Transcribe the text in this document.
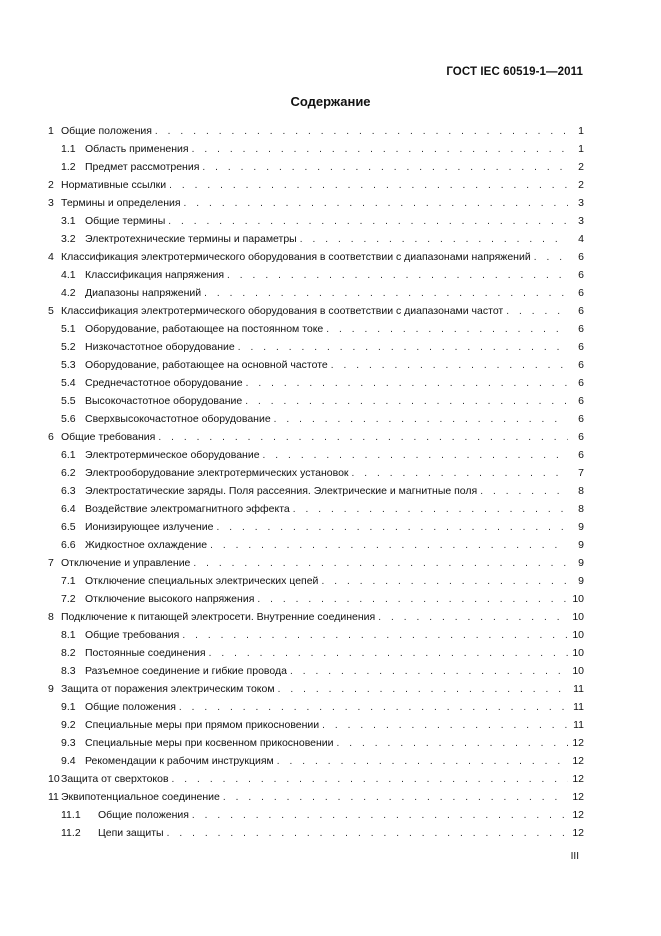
ГОСТ IEC 60519-1—2011
Содержание
1 Общие положения . . .	1
1.1 Область применения . . .	1
1.2 Предмет рассмотрения . . .	2
2 Нормативные ссылки . . .	2
3 Термины и определения . . .	3
3.1 Общие термины . . .	3
3.2 Электротехнические термины и параметры . . .	4
4 Классификация электротермического оборудования в соответствии с диапазонами напряжений . . .	6
4.1 Классификация напряжения . . .	6
4.2 Диапазоны напряжений . . .	6
5 Классификация электротермического оборудования в соответствии с диапазонами частот . . .	6
5.1 Оборудование, работающее на постоянном токе . . .	6
5.2 Низкочастотное оборудование . . .	6
5.3 Оборудование, работающее на основной частоте . . .	6
5.4 Среднечастотное оборудование . . .	6
5.5 Высокочастотное оборудование . . .	6
5.6 Сверхвысокочастотное оборудование . . .	6
6 Общие требования . . .	6
6.1 Электротермическое оборудование . . .	6
6.2 Электрооборудование электротермических установок . . .	7
6.3 Электростатические заряды. Поля рассеяния. Электрические и магнитные поля . . .	8
6.4 Воздействие электромагнитного эффекта . . .	8
6.5 Ионизирующее излучение . . .	9
6.6 Жидкостное охлаждение . . .	9
7 Отключение и управление . . .	9
7.1 Отключение специальных электрических цепей . . .	9
7.2 Отключение высокого напряжения . . .	10
8 Подключение к питающей электросети. Внутренние соединения . . .	10
8.1 Общие требования . . .	10
8.2 Постоянные соединения . . .	10
8.3 Разъемное соединение и гибкие провода . . .	10
9 Защита от поражения электрическим током . . .	11
9.1 Общие положения . . .	11
9.2 Специальные меры при прямом прикосновении . . .	11
9.3 Специальные меры при косвенном прикосновении . . .	12
9.4 Рекомендации к рабочим инструкциям . . .	12
10 Защита от сверхтоков . . .	12
11 Эквипотенциальное соединение . . .	12
11.1	Общие положения . . .	12
11.2	Цепи защиты . . .	12
III
